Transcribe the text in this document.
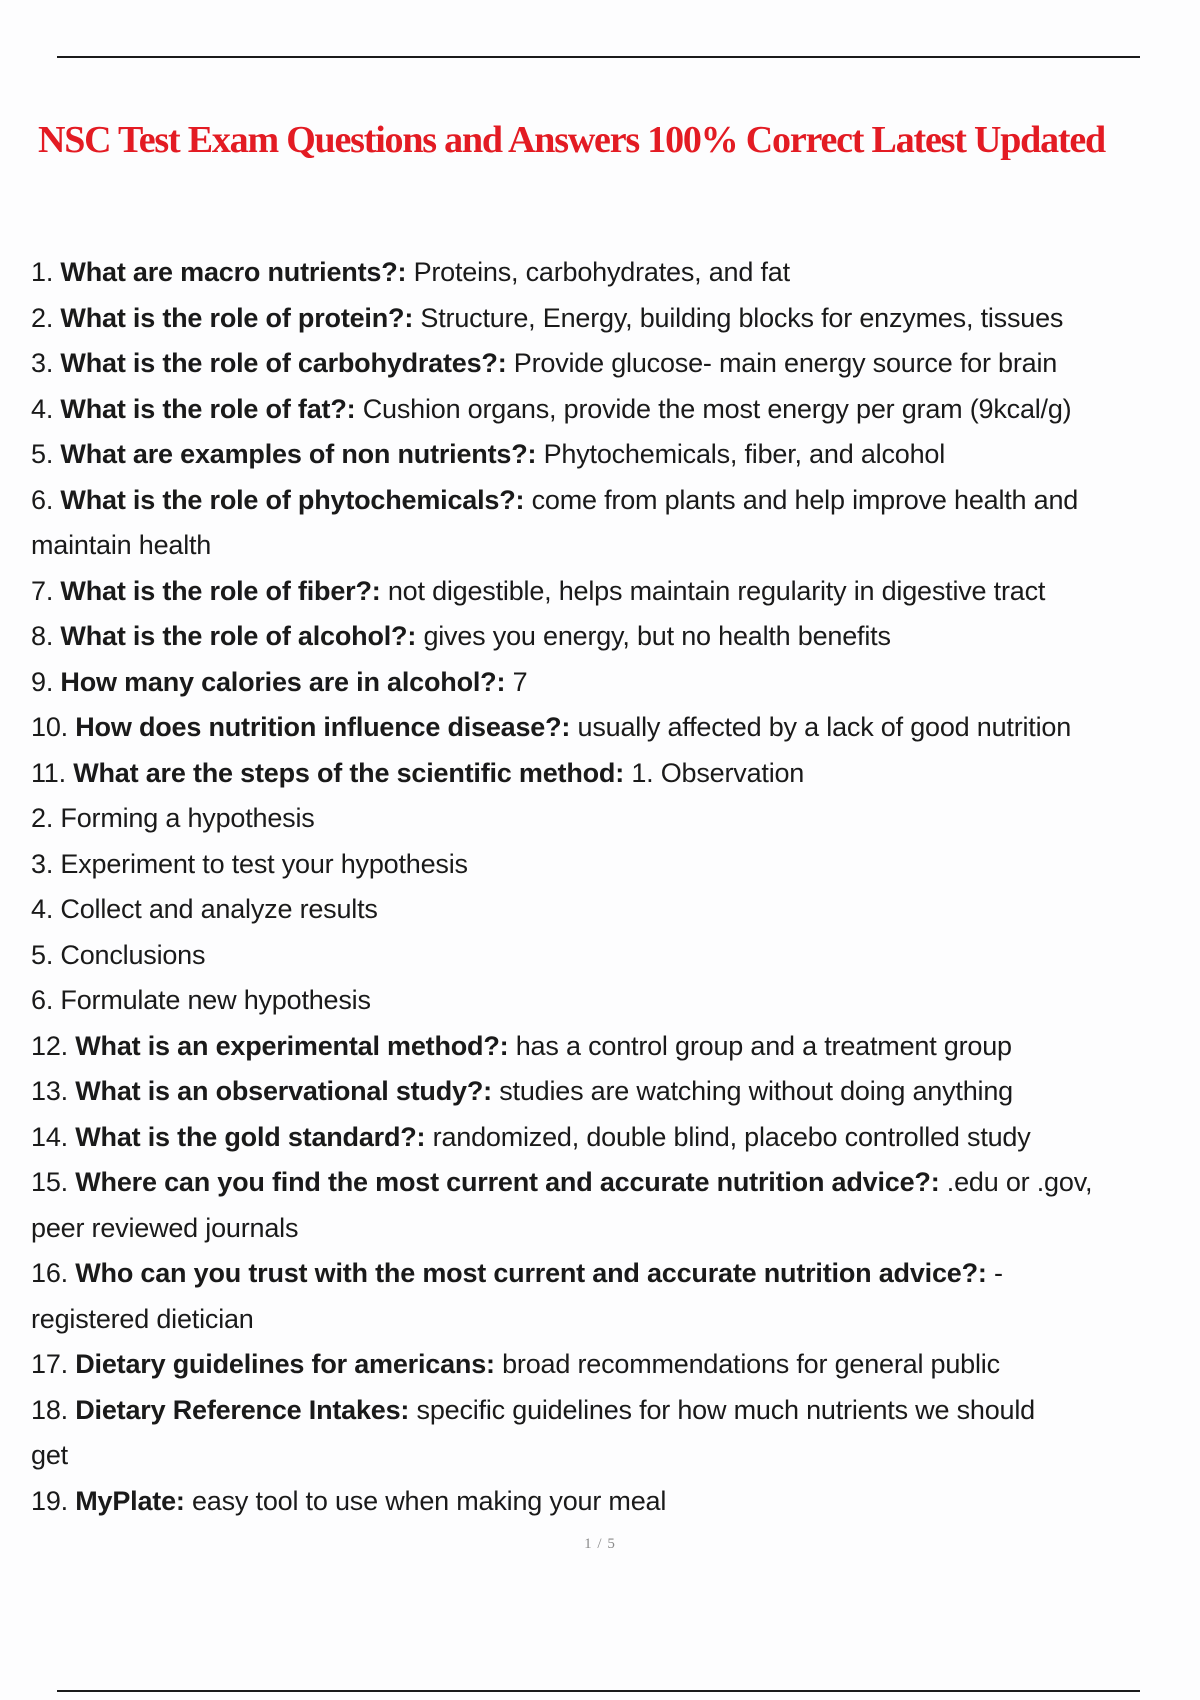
NSC Test Exam Questions and Answers 100% Correct Latest Updated
1. What are macro nutrients?: Proteins, carbohydrates, and fat
2. What is the role of protein?: Structure, Energy, building blocks for enzymes, tissues
3. What is the role of carbohydrates?: Provide glucose- main energy source for brain
4. What is the role of fat?: Cushion organs, provide the most energy per gram (9kcal/g)
5. What are examples of non nutrients?: Phytochemicals, fiber, and alcohol
6. What is the role of phytochemicals?: come from plants and help improve health and
maintain health
7. What is the role of fiber?: not digestible, helps maintain regularity in digestive tract
8. What is the role of alcohol?: gives you energy, but no health benefits
9. How many calories are in alcohol?: 7
10. How does nutrition influence disease?: usually affected by a lack of good nutrition
11. What are the steps of the scientific method: 1. Observation
2. Forming a hypothesis
3. Experiment to test your hypothesis
4. Collect and analyze results
5. Conclusions
6. Formulate new hypothesis
12. What is an experimental method?: has a control group and a treatment group
13. What is an observational study?: studies are watching without doing anything
14. What is the gold standard?: randomized, double blind, placebo controlled study
15. Where can you find the most current and accurate nutrition advice?: .edu or .gov,
peer reviewed journals
16. Who can you trust with the most current and accurate nutrition advice?: -
registered dietician
17. Dietary guidelines for americans: broad recommendations for general public
18. Dietary Reference Intakes: specific guidelines for how much nutrients we should
get
19. MyPlate: easy tool to use when making your meal
1 / 5
